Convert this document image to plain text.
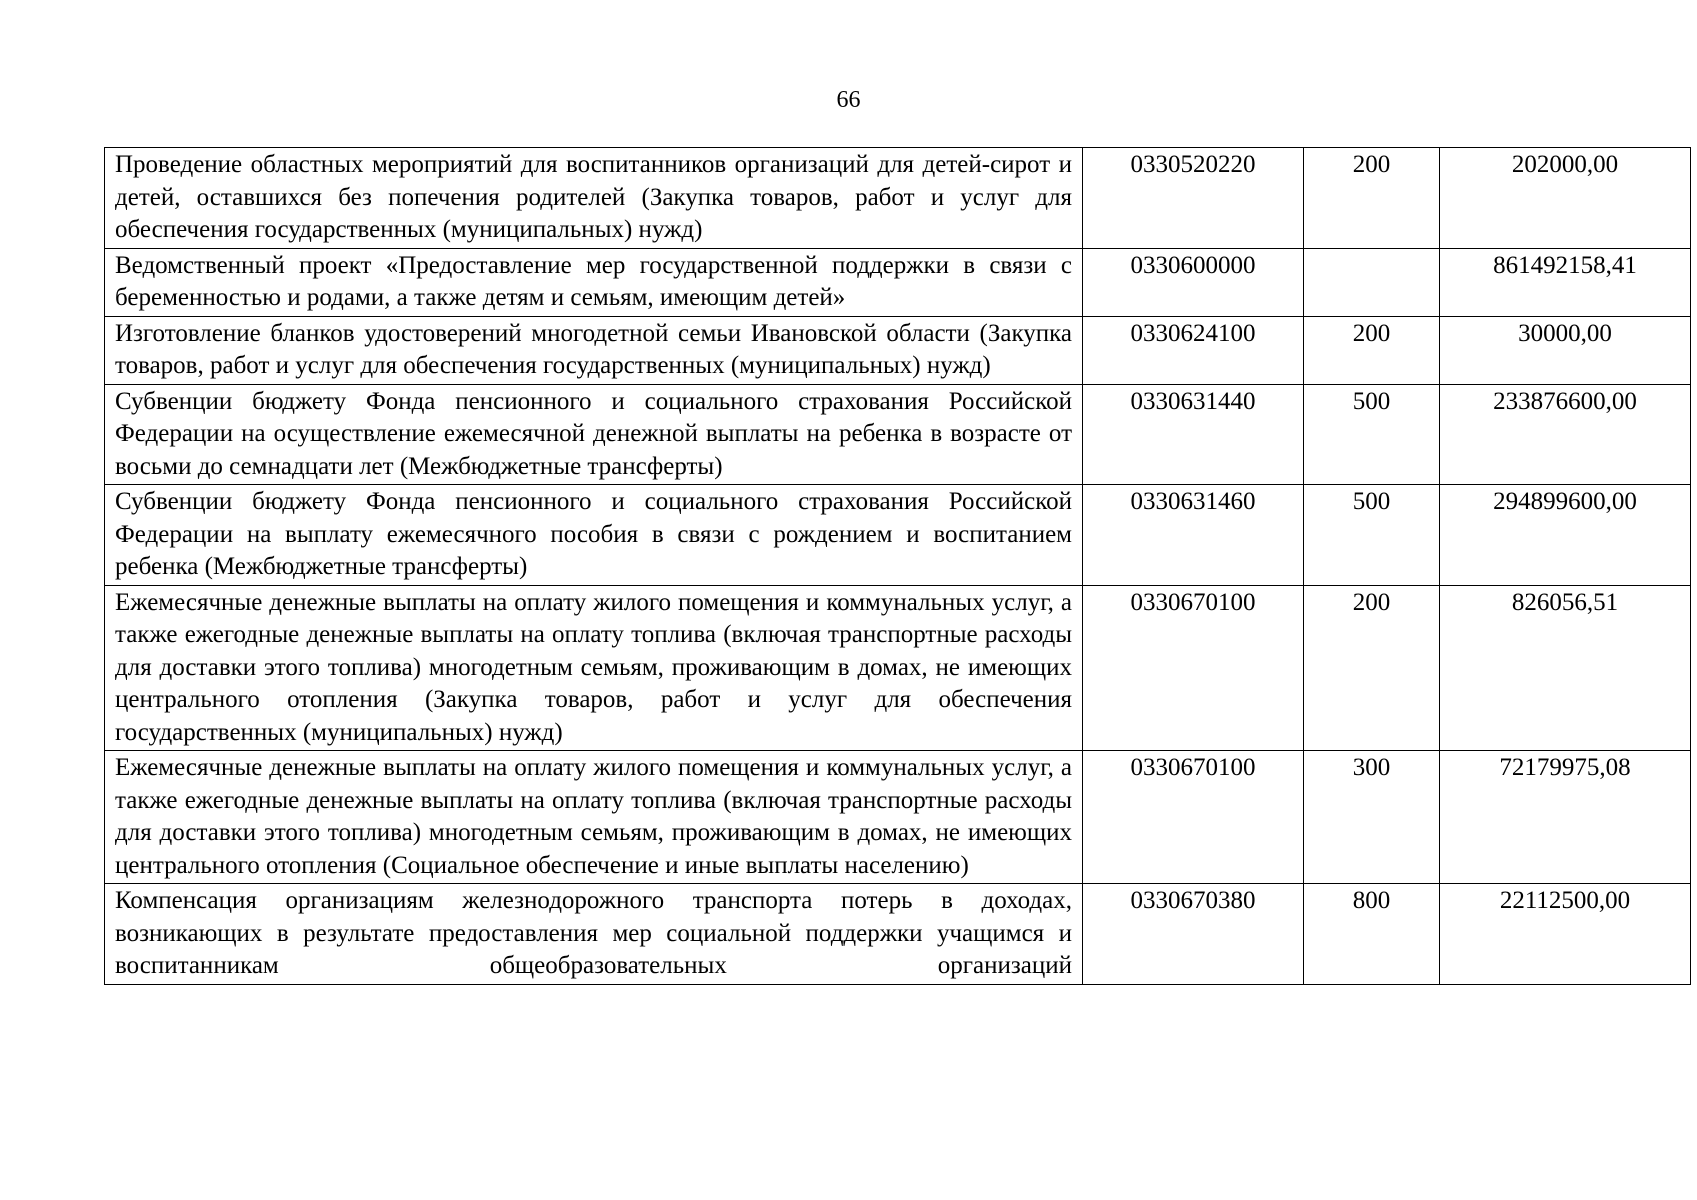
66
Проведение областных мероприятий для воспитанников организаций для детей-сирот и детей, оставшихся без попечения родителей (Закупка товаров, работ и услуг для обеспечения государственных (муниципальных) нужд)	0330520220	200	202000,00
Ведомственный проект «Предоставление мер государственной поддержки в связи с беременностью и родами, а также детям и семьям, имеющим детей»	0330600000		861492158,41
Изготовление бланков удостоверений многодетной семьи Ивановской области (Закупка товаров, работ и услуг для обеспечения государственных (муниципальных) нужд)	0330624100	200	30000,00
Субвенции бюджету Фонда пенсионного и социального страхования Российской Федерации на осуществление ежемесячной денежной выплаты на ребенка в возрасте от восьми до семнадцати лет (Межбюджетные трансферты)	0330631440	500	233876600,00
Субвенции бюджету Фонда пенсионного и социального страхования Российской Федерации на выплату ежемесячного пособия в связи с рождением и воспитанием ребенка (Межбюджетные трансферты)	0330631460	500	294899600,00
Ежемесячные денежные выплаты на оплату жилого помещения и коммунальных услуг, а также ежегодные денежные выплаты на оплату топлива (включая транспортные расходы для доставки этого топлива) многодетным семьям, проживающим в домах, не имеющих центрального отопления (Закупка товаров, работ и услуг для обеспечения государственных (муниципальных) нужд)	0330670100	200	826056,51
Ежемесячные денежные выплаты на оплату жилого помещения и коммунальных услуг, а также ежегодные денежные выплаты на оплату топлива (включая транспортные расходы для доставки этого топлива) многодетным семьям, проживающим в домах, не имеющих центрального отопления (Социальное обеспечение и иные выплаты населению)	0330670100	300	72179975,08
Компенсация организациям железнодорожного транспорта потерь в доходах, возникающих в результате предоставления мер социальной поддержки учащимся и воспитанникам общеобразовательных организаций	0330670380	800	22112500,00
